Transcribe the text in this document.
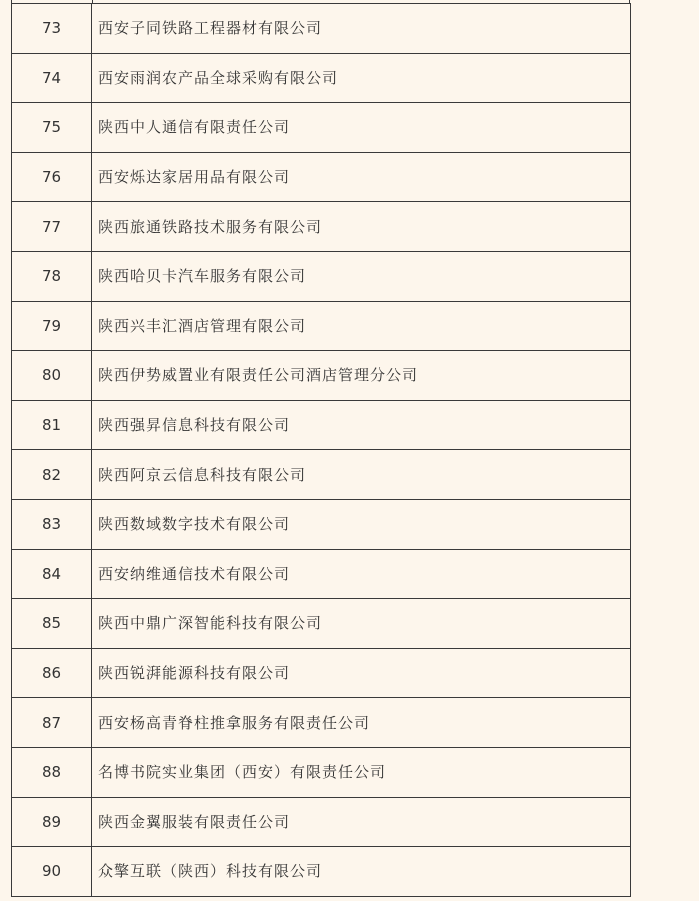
73	西安子同铁路工程器材有限公司
74	西安雨润农产品全球采购有限公司
75	陕西中人通信有限责任公司
76	西安烁达家居用品有限公司
77	陕西旅通铁路技术服务有限公司
78	陕西哈贝卡汽车服务有限公司
79	陕西兴丰汇酒店管理有限公司
80	陕西伊势威置业有限责任公司酒店管理分公司
81	陕西强昇信息科技有限公司
82	陕西阿京云信息科技有限公司
83	陕西数域数字技术有限公司
84	西安纳维通信技术有限公司
85	陕西中鼎广深智能科技有限公司
86	陕西锐湃能源科技有限公司
87	西安杨高青脊柱推拿服务有限责任公司
88	名博书院实业集团（西安）有限责任公司
89	陕西金翼服装有限责任公司
90	众擎互联（陕西）科技有限公司
